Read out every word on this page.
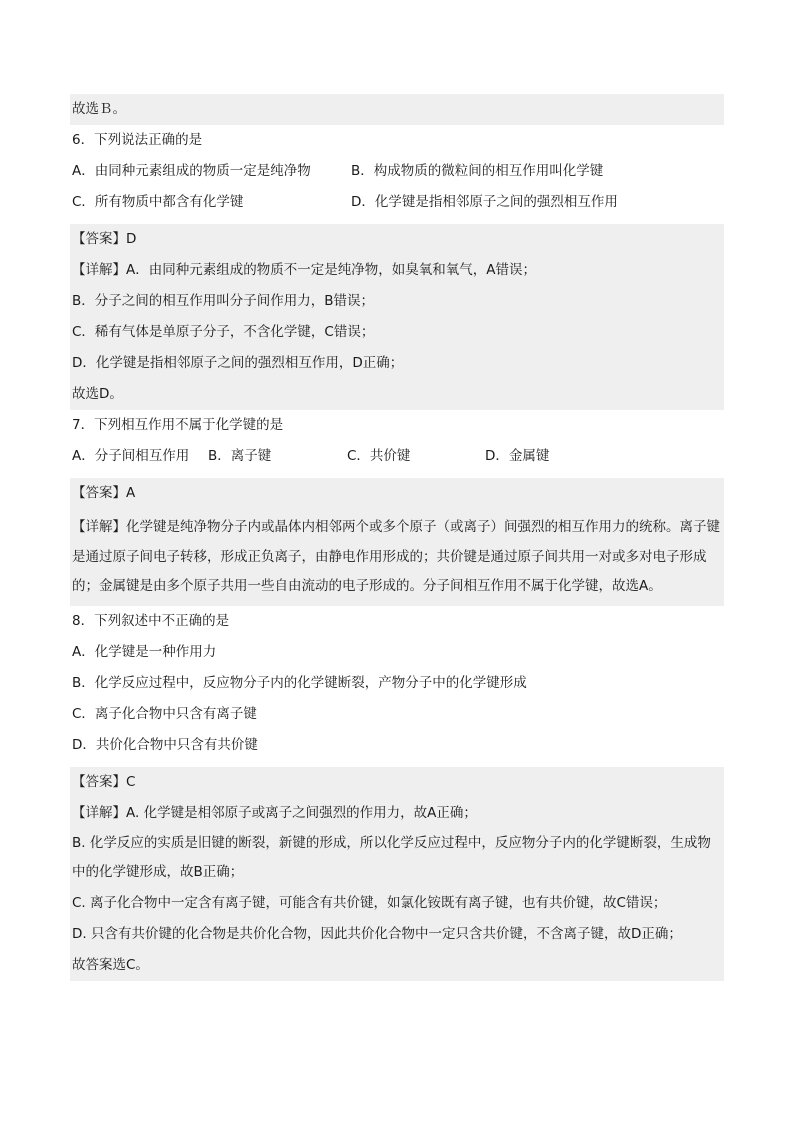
故选Ｂ。
6．下列说法正确的是
A．由同种元素组成的物质一定是纯净物	B．构成物质的微粒间的相互作用叫化学键
C．所有物质中都含有化学键	D．化学键是指相邻原子之间的强烈相互作用
【答案】D
【详解】A．由同种元素组成的物质不一定是纯净物，如臭氧和氧气，A错误；
B．分子之间的相互作用叫分子间作用力，B错误；
C．稀有气体是单原子分子，不含化学键，C错误；
D．化学键是指相邻原子之间的强烈相互作用，D正确；
故选D。
7．下列相互作用不属于化学键的是
A．分子间相互作用	B．离子键	C．共价键	D．金属键
【答案】A
【详解】化学键是纯净物分子内或晶体内相邻两个或多个原子（或离子）间强烈的相互作用力的统称。离子键是通过原子间电子转移，形成正负离子，由静电作用形成的；共价键是通过原子间共用一对或多对电子形成的；金属键是由多个原子共用一些自由流动的电子形成的。分子间相互作用不属于化学键，故选A。
8．下列叙述中不正确的是
A．化学键是一种作用力
B．化学反应过程中，反应物分子内的化学键断裂，产物分子中的化学键形成
C．离子化合物中只含有离子键
D．共价化合物中只含有共价键
【答案】C
【详解】A. 化学键是相邻原子或离子之间强烈的作用力，故A正确；
B. 化学反应的实质是旧键的断裂，新键的形成，所以化学反应过程中，反应物分子内的化学键断裂，生成物中的化学键形成，故B正确；
C. 离子化合物中一定含有离子键，可能含有共价键，如氯化铵既有离子键，也有共价键，故C错误；
D. 只含有共价键的化合物是共价化合物，因此共价化合物中一定只含共价键，不含离子键，故D正确；
故答案选C。
